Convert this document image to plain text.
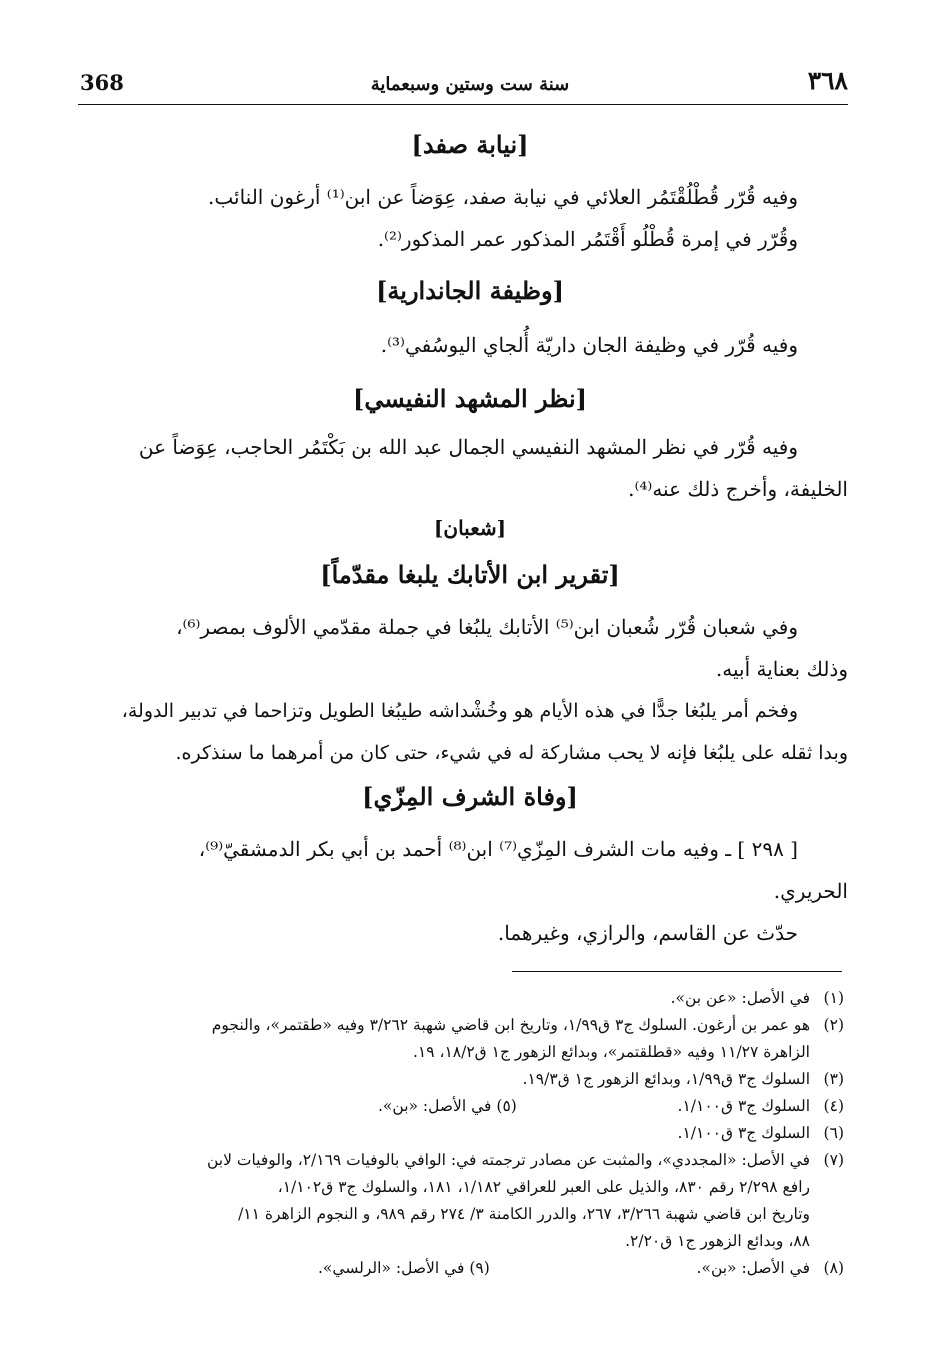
368	سنة ست وستين وسبعماية	٣٦٨
[نيابة صفد]
وفيه قُرّر قُطْلُقْتَمُر العلائي في نيابة صفد، عِوَضاً عن ابن⁽¹⁾ أرغون النائب.
وقُرّر في إمرة قُطْلُو أَقْتَمُر المذكور عمر المذكور⁽²⁾.
[وظيفة الجاندارية]
وفيه قُرّر في وظيفة الجان داريّة أُلجاي اليوسُفي⁽³⁾.
[نظر المشهد النفيسي]
وفيه قُرّر في نظر المشهد النفيسي الجمال عبد الله بن بَكْتَمُر الحاجب، عِوَضاً عن
الخليفة، وأخرج ذلك عنه⁽⁴⁾.
[شعبان]
[تقرير ابن الأتابك يلبغا مقدّماً]
وفي شعبان قُرّر شُعبان ابن⁽⁵⁾ الأتابك يلبُغا في جملة مقدّمي الألوف بمصر⁽⁶⁾،
وذلك بعناية أبيه.
وفخم أمر يلبُغا جدًّا في هذه الأيام هو وخُشْداشه طيبُغا الطويل وتزاحما في تدبير الدولة،
وبدا ثقله على يلبُغا فإنه لا يحب مشاركة له في شيء، حتى كان من أمرهما ما سنذكره.
[وفاة الشرف المِزّي]
[ ٢٩٨ ] ـ وفيه مات الشرف المِزّي⁽⁷⁾ ابن⁽⁸⁾ أحمد بن أبي بكر الدمشقيّ⁽⁹⁾،
الحريري.
حدّث عن القاسم، والرازي، وغيرهما.
(١)
في الأصل: «عن بن».
(٢)
هو عمر بن أرغون. السلوك ج٣ ق١/٩٩، وتاريخ ابن قاضي شهبة ٣/٢٦٢ وفيه «طقتمر»، والنجوم
الزاهرة ١١/٢٧ وفيه «قطلقتمر»، وبدائع الزهور ج١ ق١٨/٢، ١٩.
(٣)
السلوك ج٣ ق١/٩٩، وبدائع الزهور ج١ ق١٩/٣.
(٤)
السلوك ج٣ ق١/١٠٠.
(٥) في الأصل: «بن».
(٦)
السلوك ج٣ ق١/١٠٠.
(٧)
في الأصل: «المجددي»، والمثبت عن مصادر ترجمته في: الوافي بالوفيات ٢/١٦٩، والوفيات لابن
رافع ٢/٢٩٨ رقم ٨٣٠، والذيل على العبر للعراقي ١/١٨٢، ١٨١، والسلوك ج٣ ق١/١٠٢،
وتاريخ ابن قاضي شهبة ٣/٢٦٦، ٢٦٧، والدرر الكامنة ٣/ ٢٧٤ رقم ٩٨٩، و النجوم الزاهرة ١١/
٨٨، وبدائع الزهور ج١ ق٢/٢٠.
(٨)
في الأصل: «بن».
(٩) في الأصل: «الرلسي».
